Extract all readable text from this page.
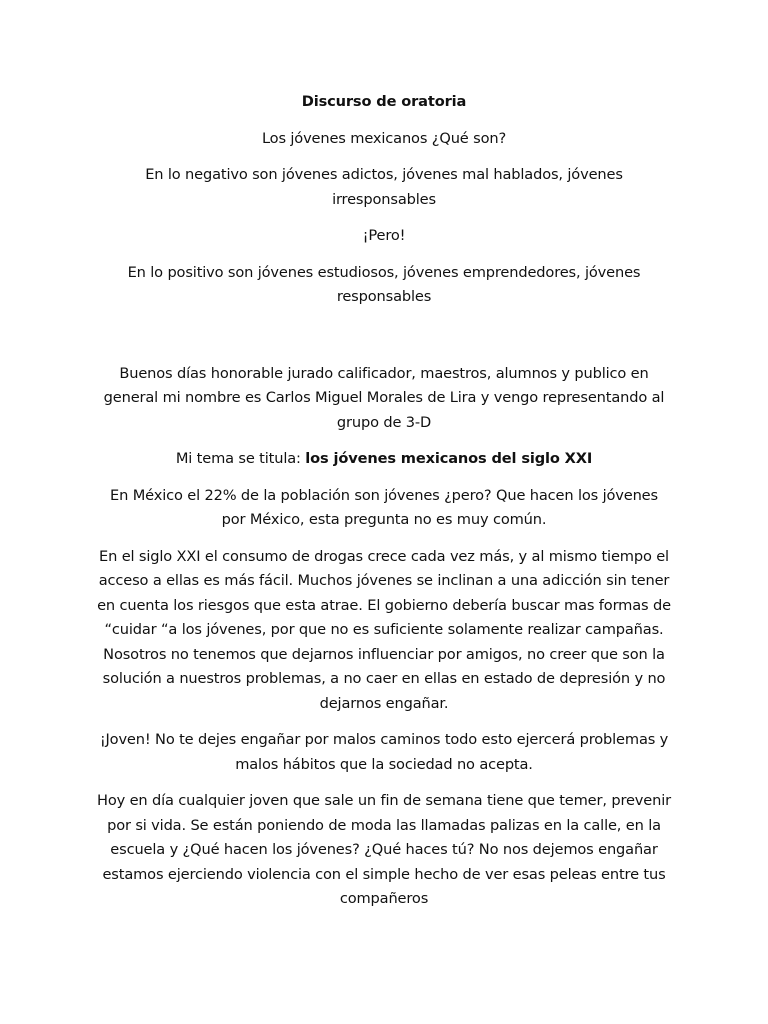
Discurso de oratoria

Los jóvenes mexicanos ¿Qué son?

En lo negativo son jóvenes adictos, jóvenes mal hablados, jóvenes irresponsables

¡Pero!

En lo positivo son jóvenes estudiosos, jóvenes emprendedores, jóvenes responsables

Buenos días honorable jurado calificador, maestros, alumnos y publico en general mi nombre es Carlos Miguel Morales de Lira y vengo representando al grupo de 3-D

Mi tema se titula: los jóvenes mexicanos del siglo XXI

En México el 22% de la población son jóvenes ¿pero? Que hacen los jóvenes por México, esta pregunta no es muy común.

En el siglo XXI el consumo de drogas crece cada vez más, y al mismo tiempo el acceso a ellas es más fácil. Muchos jóvenes se inclinan a una adicción sin tener en cuenta los riesgos que esta atrae. El gobierno debería buscar mas formas de “cuidar “a los jóvenes, por que no es suficiente solamente realizar campañas. Nosotros no tenemos que dejarnos influenciar por amigos, no creer que son la solución a nuestros problemas, a no caer en ellas en estado de depresión y no dejarnos engañar.

¡Joven! No te dejes engañar por malos caminos todo esto ejercerá problemas y malos hábitos que la sociedad no acepta.

Hoy en día cualquier joven que sale un fin de semana tiene que temer, prevenir por si vida. Se están poniendo de moda las llamadas palizas en la calle, en la escuela y ¿Qué hacen los jóvenes? ¿Qué haces tú? No nos dejemos engañar estamos ejerciendo violencia con el simple hecho de ver esas peleas entre tus compañeros
